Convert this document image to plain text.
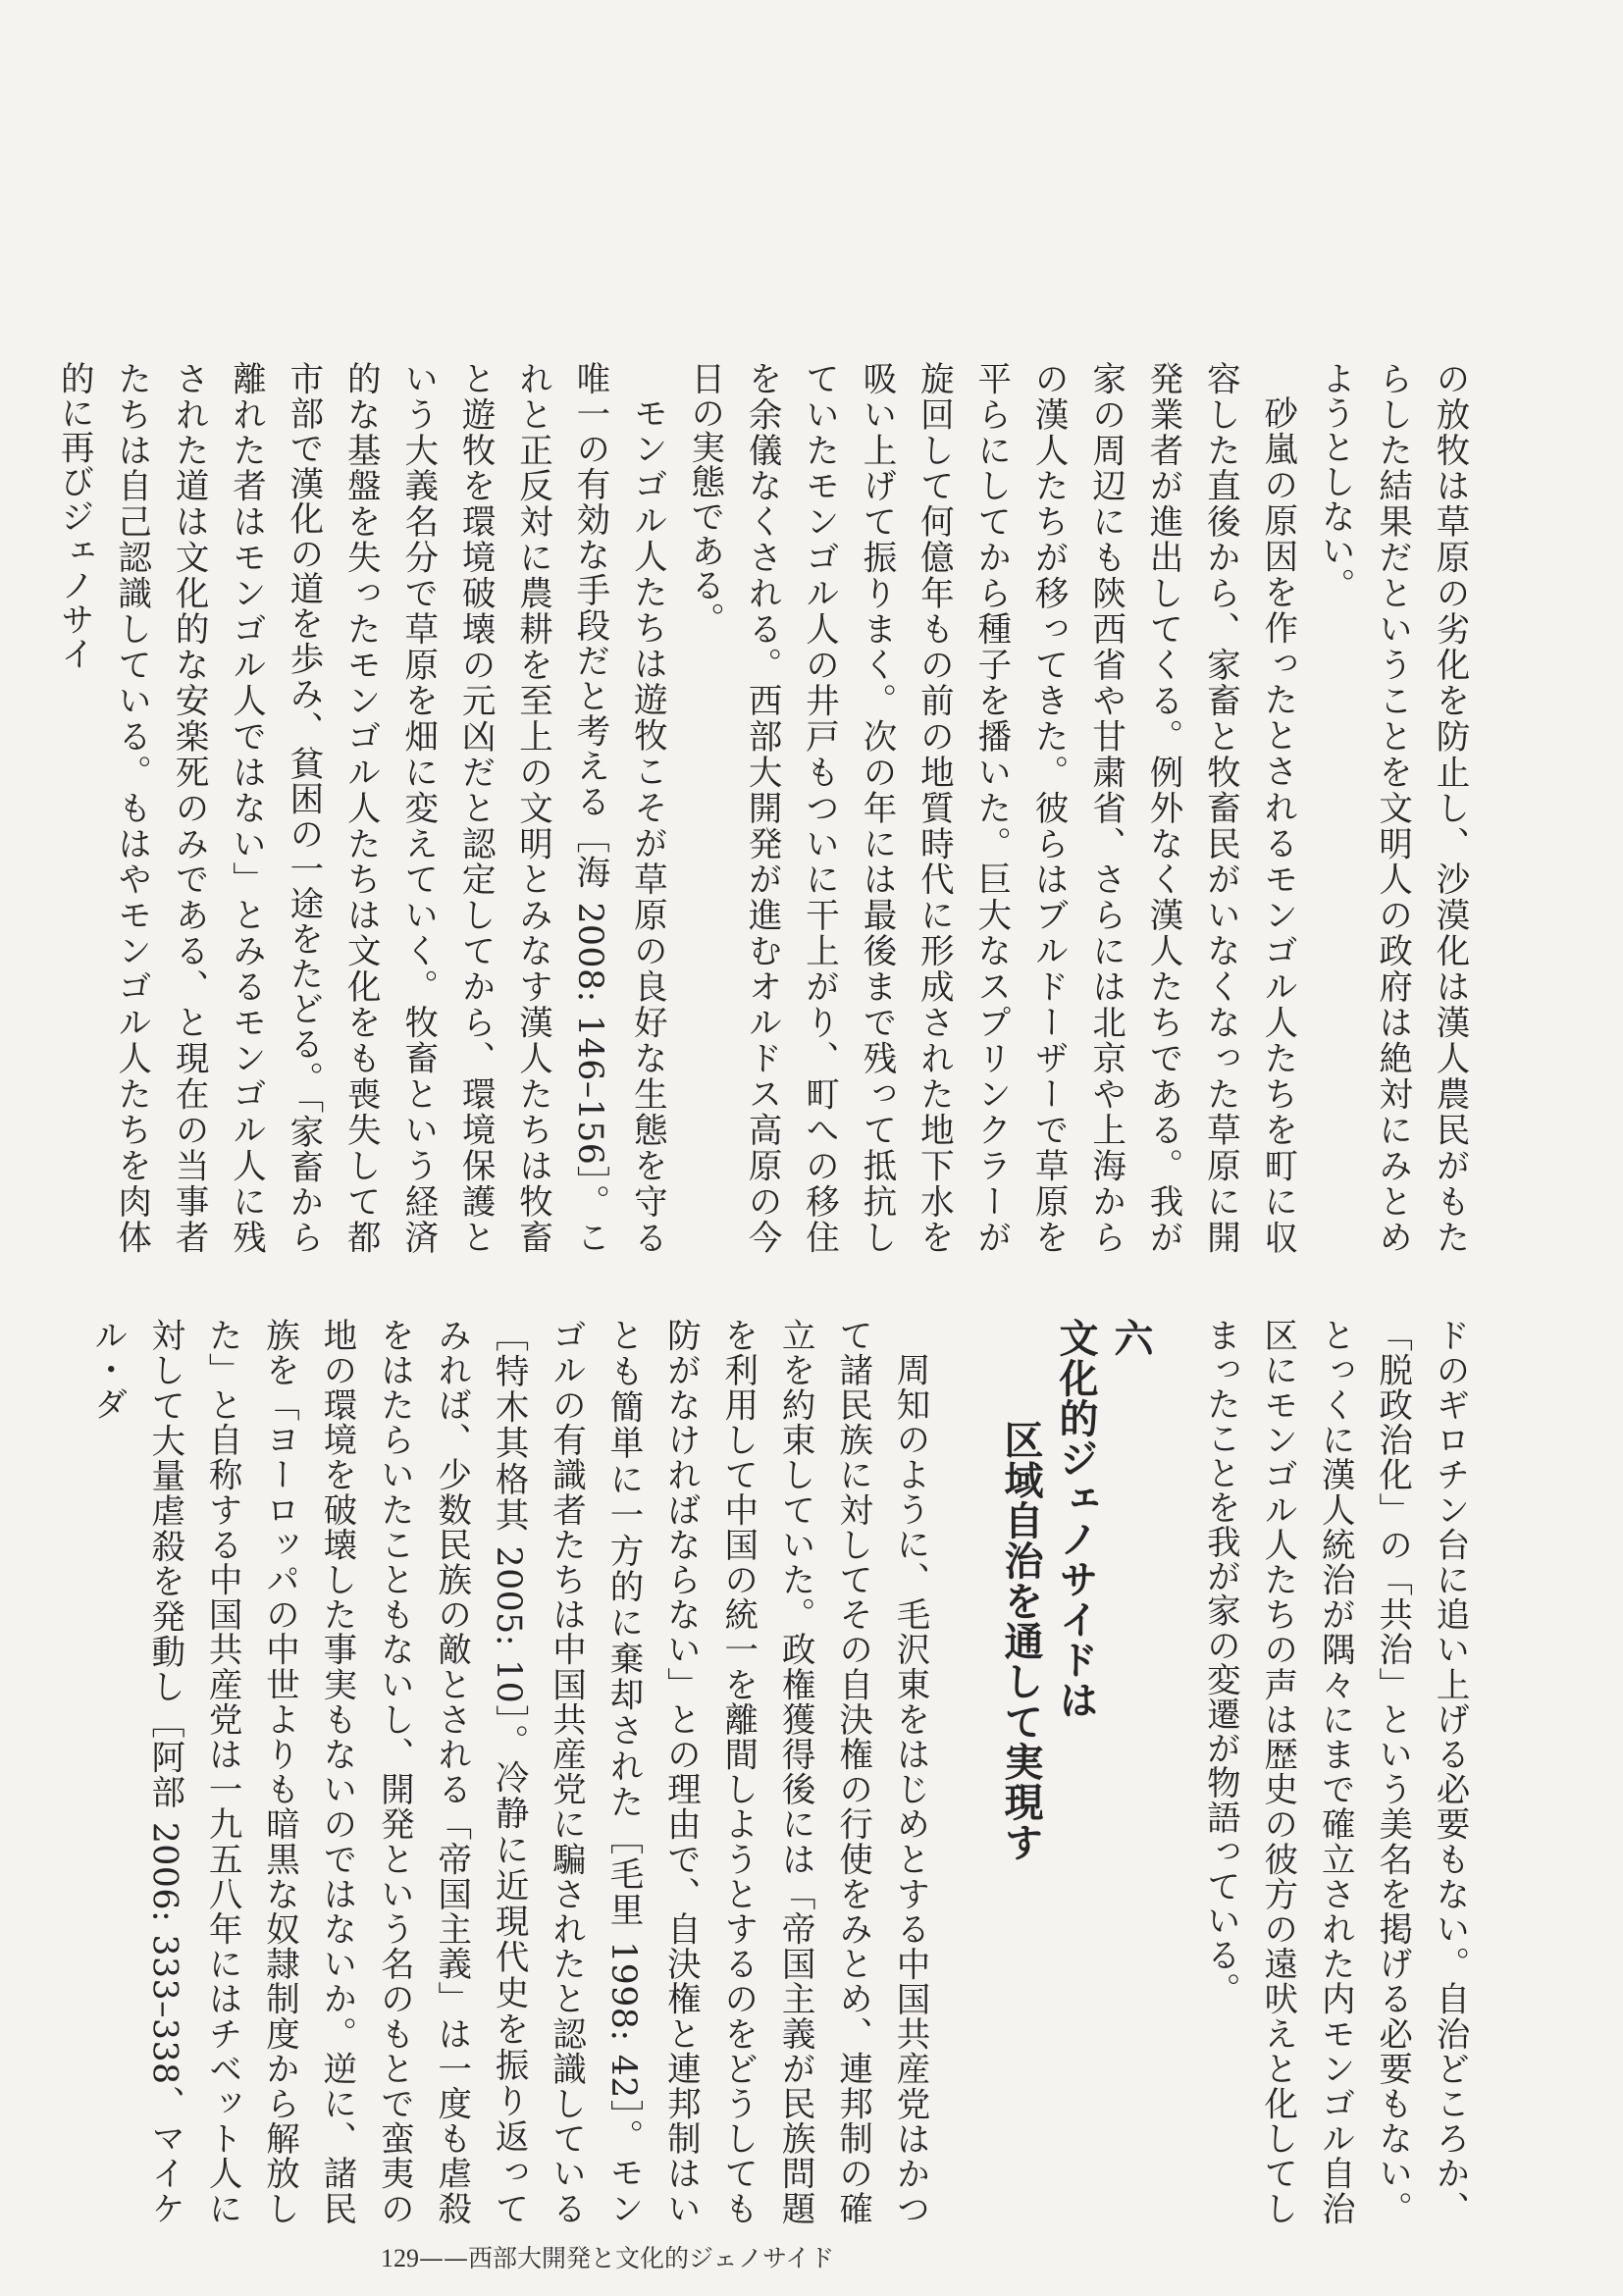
の放牧は草原の劣化を防止し、沙漠化は漢人農民がもたらした結果だということを文明人の政府は絶対にみとめようとしない。

砂嵐の原因を作ったとされるモンゴル人たちを町に収容した直後から、家畜と牧畜民がいなくなった草原に開発業者が進出してくる。例外なく漢人たちである。我が家の周辺にも陝西省や甘粛省、さらには北京や上海からの漢人たちが移ってきた。彼らはブルドーザーで草原を平らにしてから種子を播いた。巨大なスプリンクラーが旋回して何億年もの前の地質時代に形成された地下水を吸い上げて振りまく。次の年には最後まで残って抵抗していたモンゴル人の井戸もついに干上がり、町への移住を余儀なくされる。西部大開発が進むオルドス高原の今日の実態である。

モンゴル人たちは遊牧こそが草原の良好な生態を守る唯一の有効な手段だと考える［海 2008: 146–156］。これと正反対に農耕を至上の文明とみなす漢人たちは牧畜と遊牧を環境破壊の元凶だと認定してから、環境保護という大義名分で草原を畑に変えていく。牧畜という経済的な基盤を失ったモンゴル人たちは文化をも喪失して都市部で漢化の道を歩み、貧困の一途をたどる。「家畜から離れた者はモンゴル人ではない」とみるモンゴル人に残された道は文化的な安楽死のみである、と現在の当事者たちは自己認識している。もはやモンゴル人たちを肉体的に再びジェノサイ

ドのギロチン台に追い上げる必要もない。自治どころか、「脱政治化」の「共治」という美名を掲げる必要もない。とっくに漢人統治が隅々にまで確立された内モンゴル自治区にモンゴル人たちの声は歴史の彼方の遠吠えと化してしまったことを我が家の変遷が物語っている。

六
文化的ジェノサイドは
区域自治を通して実現す

周知のように、毛沢東をはじめとする中国共産党はかつて諸民族に対してその自決権の行使をみとめ、連邦制の確立を約束していた。政権獲得後には「帝国主義が民族問題を利用して中国の統一を離間しようとするのをどうしても防がなければならない」との理由で、自決権と連邦制はいとも簡単に一方的に棄却された［毛里 1998: 42］。モンゴルの有識者たちは中国共産党に騙されたと認識している［特木其格其 2005: 10］。冷静に近現代史を振り返ってみれば、少数民族の敵とされる「帝国主義」は一度も虐殺をはたらいたこともないし、開発という名のもとで蛮夷の地の環境を破壊した事実もないのではないか。逆に、諸民族を「ヨーロッパの中世よりも暗黒な奴隷制度から解放した」と自称する中国共産党は一九五八年にはチベット人に対して大量虐殺を発動し［阿部 2006: 333–338、マイケル・ダ

129——西部大開発と文化的ジェノサイド
